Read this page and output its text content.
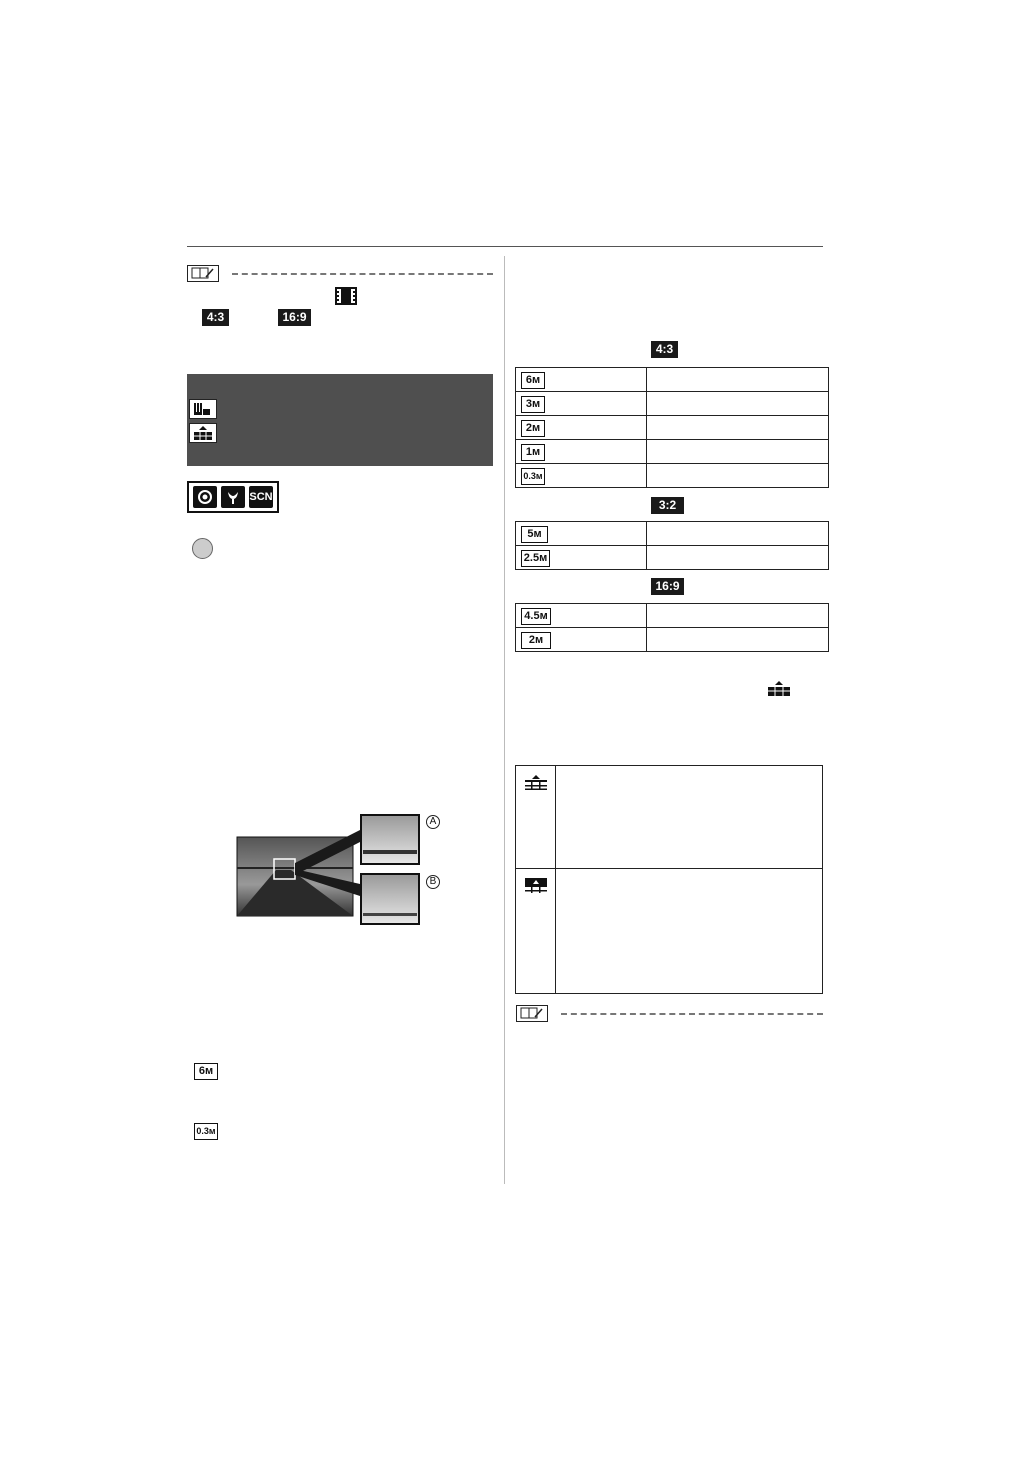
4:3	16:9
SCN
A
B
6м
0.3м
4:3
6м	
3м	
2м	
1м	
0.3м	
3:2
5м	
2.5м	
16:9
4.5м	
2м	
